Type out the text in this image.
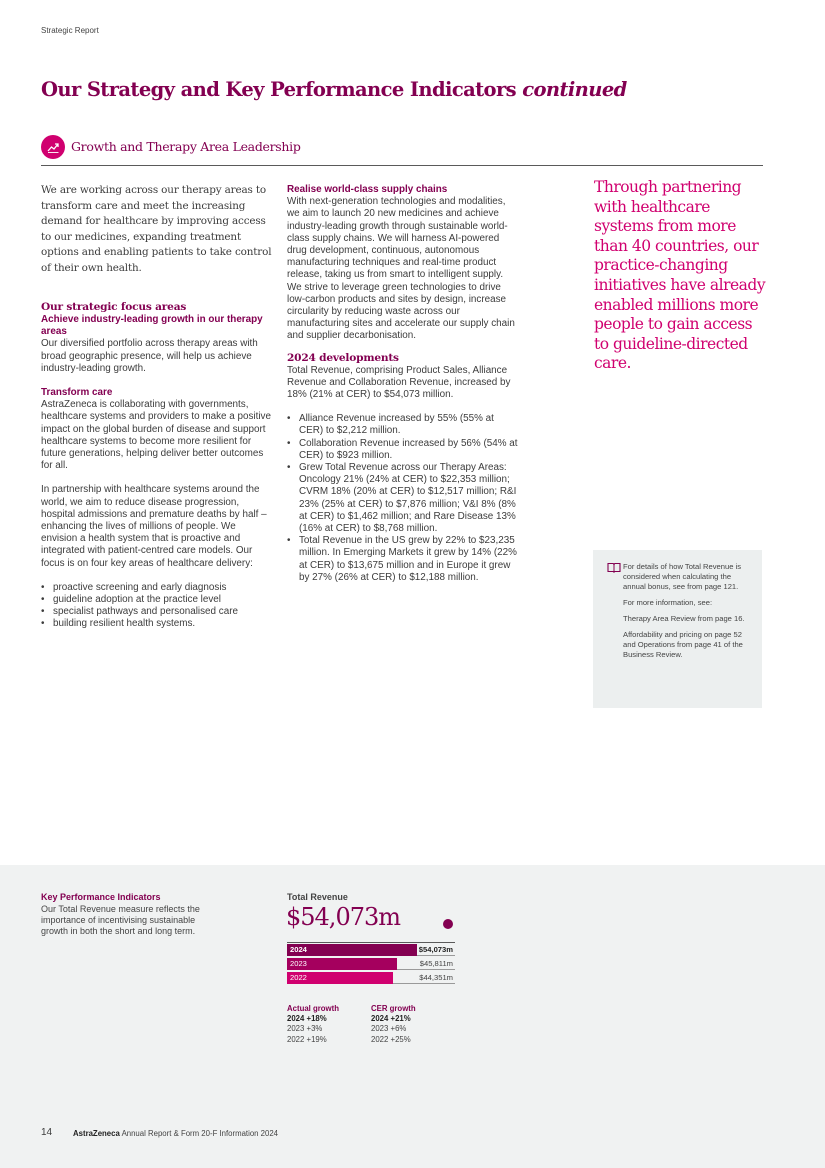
Strategic Report
Our Strategy and Key Performance Indicators continued
Growth and Therapy Area Leadership

We are working across our therapy areas to transform care and meet the increasing demand for healthcare by improving access to our medicines, expanding treatment options and enabling patients to take control of their own health.

Our strategic focus areas

Achieve industry-leading growth in our therapy areas

Our diversified portfolio across therapy areas with broad geographic presence, will help us achieve industry-leading growth.

Transform care

AstraZeneca is collaborating with governments, healthcare systems and providers to make a positive impact on the global burden of disease and support healthcare systems to become more resilient for future generations, helping deliver better outcomes for all.

In partnership with healthcare systems around the world, we aim to reduce disease progression, hospital admissions and premature deaths by half – enhancing the lives of millions of people. We envision a health system that is proactive and integrated with patient-centred care models. Our focus is on four key areas of healthcare delivery:

• proactive screening and early diagnosis
• guideline adoption at the practice level
• specialist pathways and personalised care
• building resilient health systems.

Realise world-class supply chains

With next-generation technologies and modalities, we aim to launch 20 new medicines and achieve industry-leading growth through sustainable world-class supply chains. We will harness AI-powered drug development, continuous, autonomous manufacturing techniques and real-time product release, taking us from smart to intelligent supply. We strive to leverage green technologies to drive low-carbon products and sites by design, increase circularity by reducing waste across our manufacturing sites and accelerate our supply chain and supplier decarbonisation.

2024 developments

Total Revenue, comprising Product Sales, Alliance Revenue and Collaboration Revenue, increased by 18% (21% at CER) to $54,073 million.

• Alliance Revenue increased by 55% (55% at CER) to $2,212 million.
• Collaboration Revenue increased by 56% (54% at CER) to $923 million.
• Grew Total Revenue across our Therapy Areas: Oncology 21% (24% at CER) to $22,353 million; CVRM 18% (20% at CER) to $12,517 million; R&I 23% (25% at CER) to $7,876 million; V&I 8% (8% at CER) to $1,462 million; and Rare Disease 13% (16% at CER) to $8,768 million.
• Total Revenue in the US grew by 22% to $23,235 million. In Emerging Markets it grew by 14% (22% at CER) to $13,675 million and in Europe it grew by 27% (26% at CER) to $12,188 million.

Through partnering with healthcare systems from more than 40 countries, our practice-changing initiatives have already enabled millions more people to gain access to guideline-directed care.

For details of how Total Revenue is considered when calculating the annual bonus, see from page 121.

For more information, see:

Therapy Area Review from page 16.

Affordability and pricing on page 52 and Operations from page 41 of the Business Review.

Key Performance Indicators

Our Total Revenue measure reflects the importance of incentivising sustainable growth in both the short and long term.

Total Revenue
$54,073m
2024	$54,073m
2023	$45,811m
2022	$44,351m
Actual growth
2024 +18%
2023 +3%
2022 +19%
CER growth
2024 +21%
2023 +6%
2022 +25%
14	AstraZeneca Annual Report & Form 20-F Information 2024
